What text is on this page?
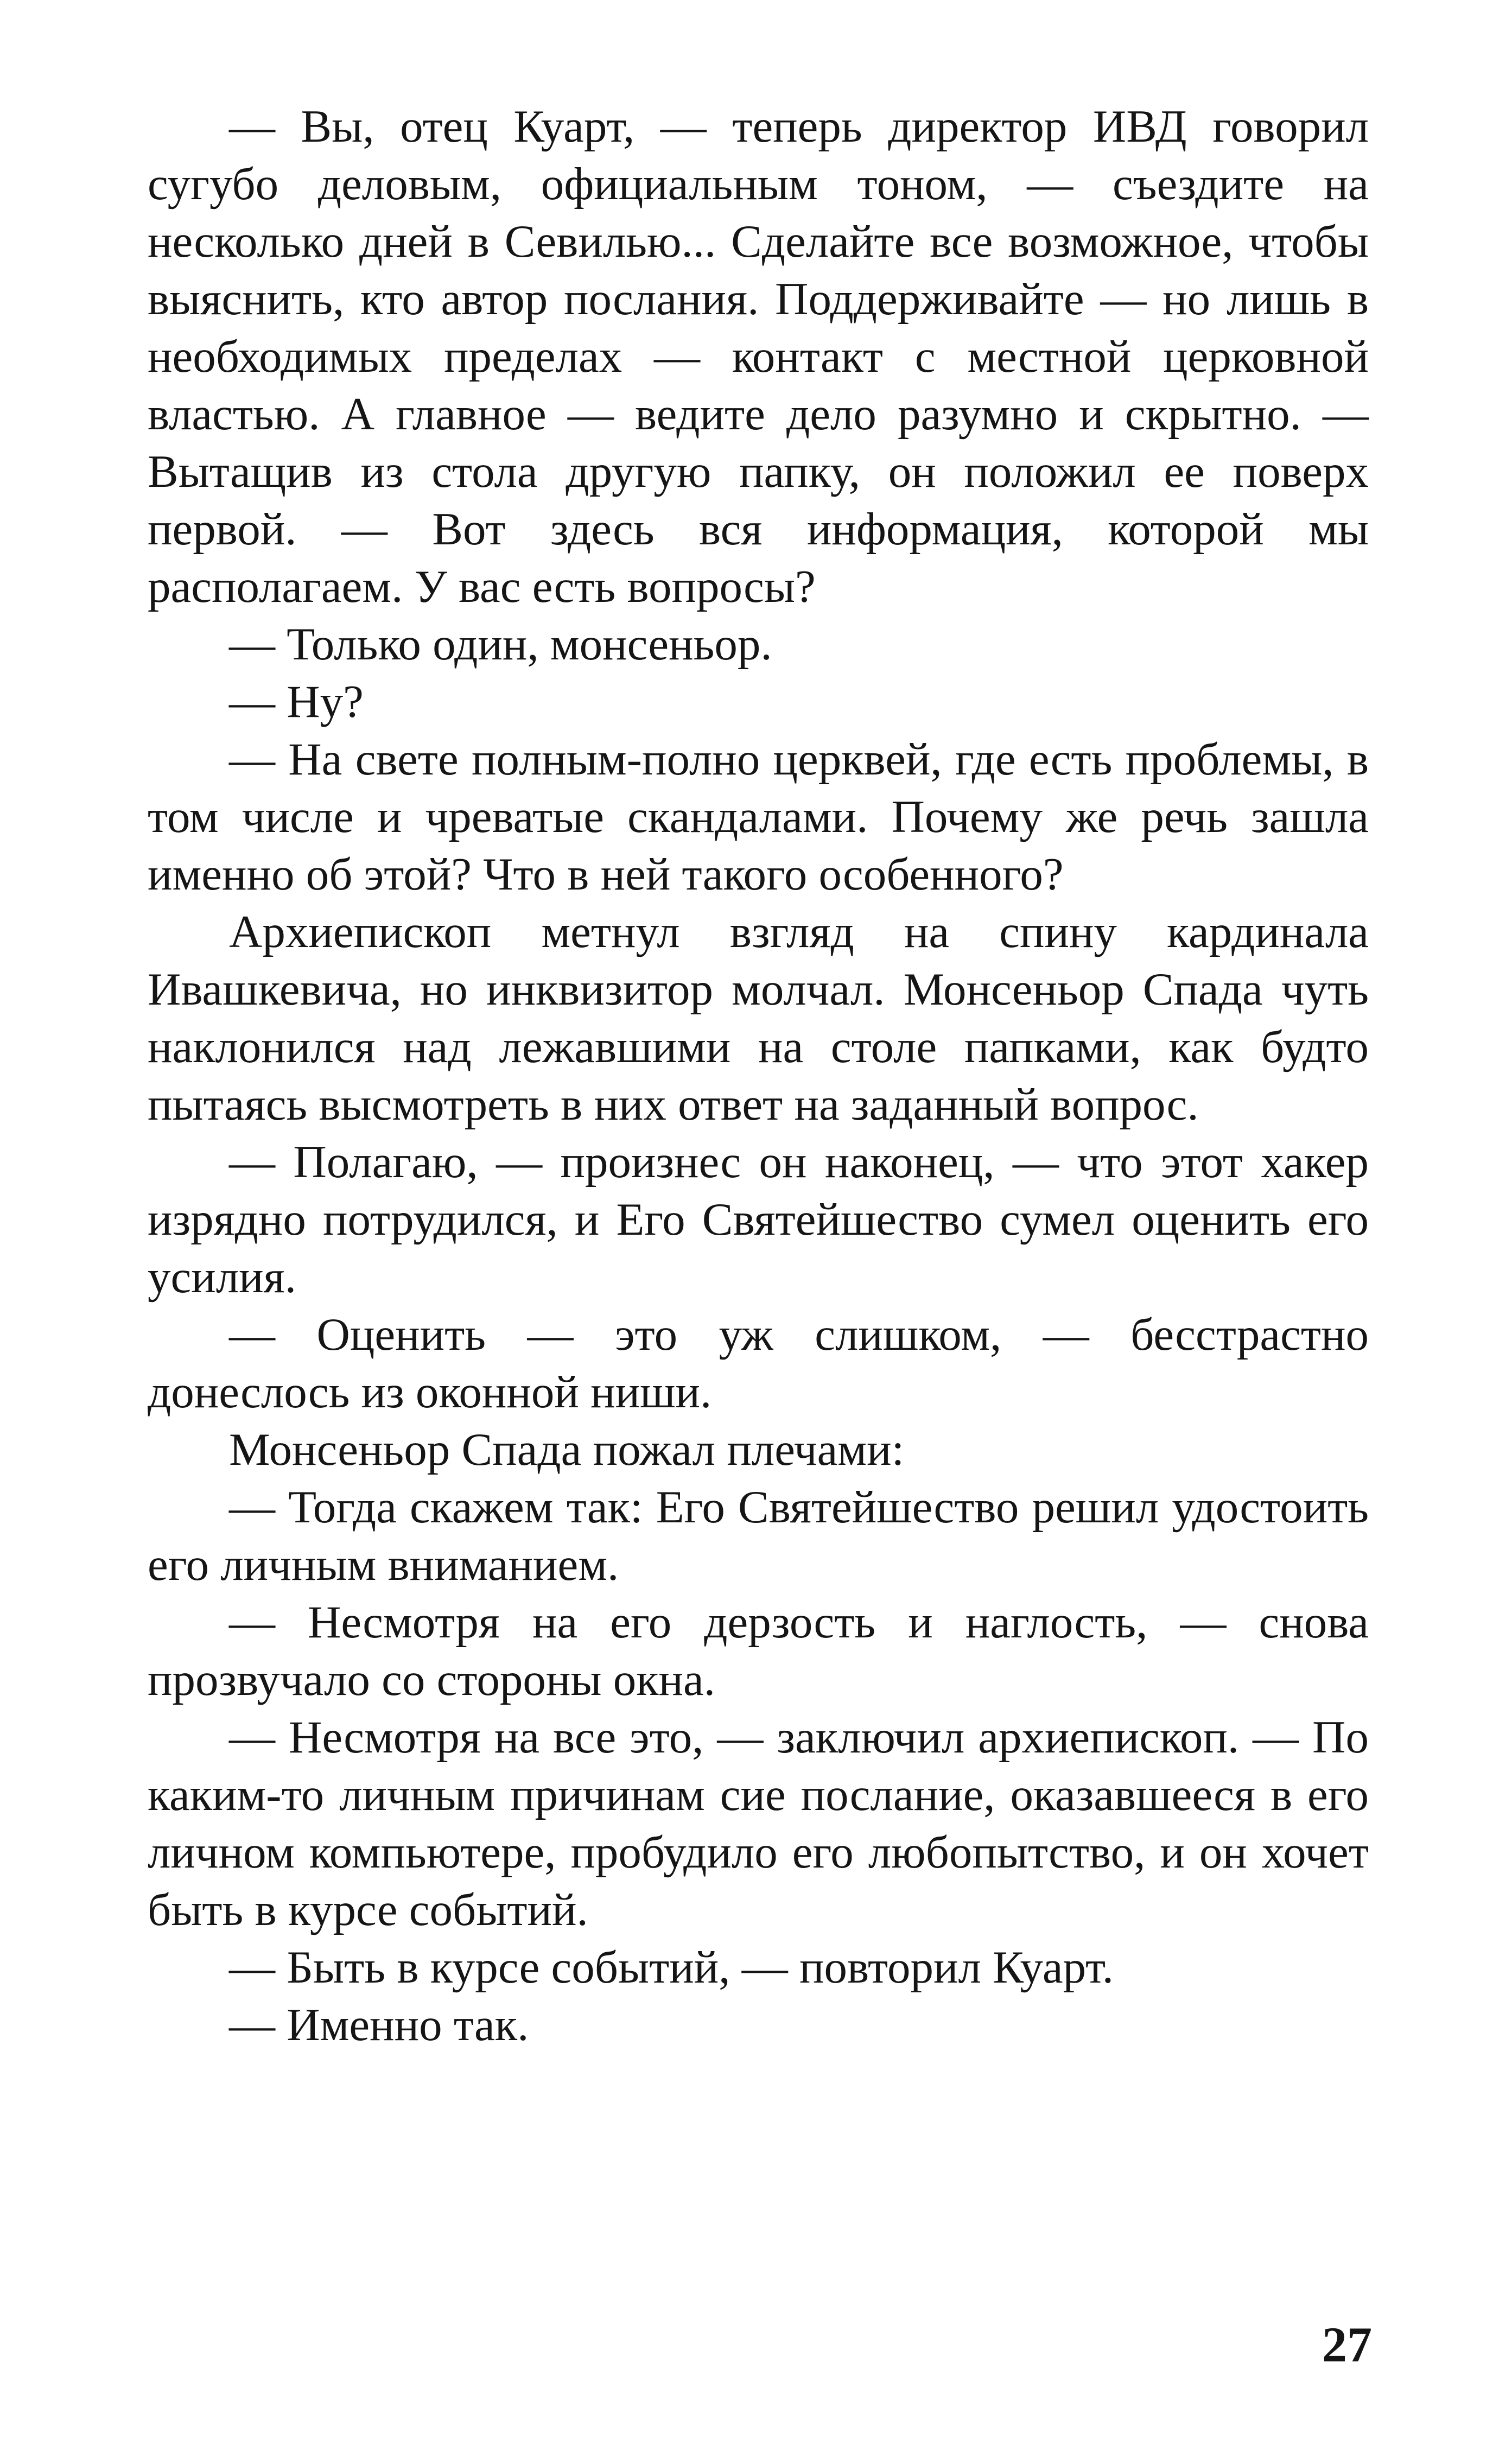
— Вы, отец Куарт, — теперь директор ИВД говорил сугубо деловым, официальным тоном, — съездите на несколько дней в Севилью... Сделайте все возможное, чтобы выяснить, кто автор послания. Поддерживайте — но лишь в необходимых пределах — контакт с местной церковной властью. А главное — ведите дело разумно и скрытно. — Вытащив из стола другую папку, он положил ее поверх первой. — Вот здесь вся информация, которой мы располагаем. У вас есть вопросы?

— Только один, монсеньор.

— Ну?

— На свете полным-полно церквей, где есть проблемы, в том числе и чреватые скандалами. Почему же речь зашла именно об этой? Что в ней такого особенного?

Архиепископ метнул взгляд на спину кардинала Ивашкевича, но инквизитор молчал. Монсеньор Спада чуть наклонился над лежавшими на столе папками, как будто пытаясь высмотреть в них ответ на заданный вопрос.

— Полагаю, — произнес он наконец, — что этот хакер изрядно потрудился, и Его Святейшество сумел оценить его усилия.

— Оценить — это уж слишком, — бесстрастно донеслось из оконной ниши.

Монсеньор Спада пожал плечами:

— Тогда скажем так: Его Святейшество решил удостоить его личным вниманием.

— Несмотря на его дерзость и наглость, — снова прозвучало со стороны окна.

— Несмотря на все это, — заключил архиепископ. — По каким-то личным причинам сие послание, оказавшееся в его личном компьютере, пробудило его любопытство, и он хочет быть в курсе событий.

— Быть в курсе событий, — повторил Куарт.

— Именно так.

27
